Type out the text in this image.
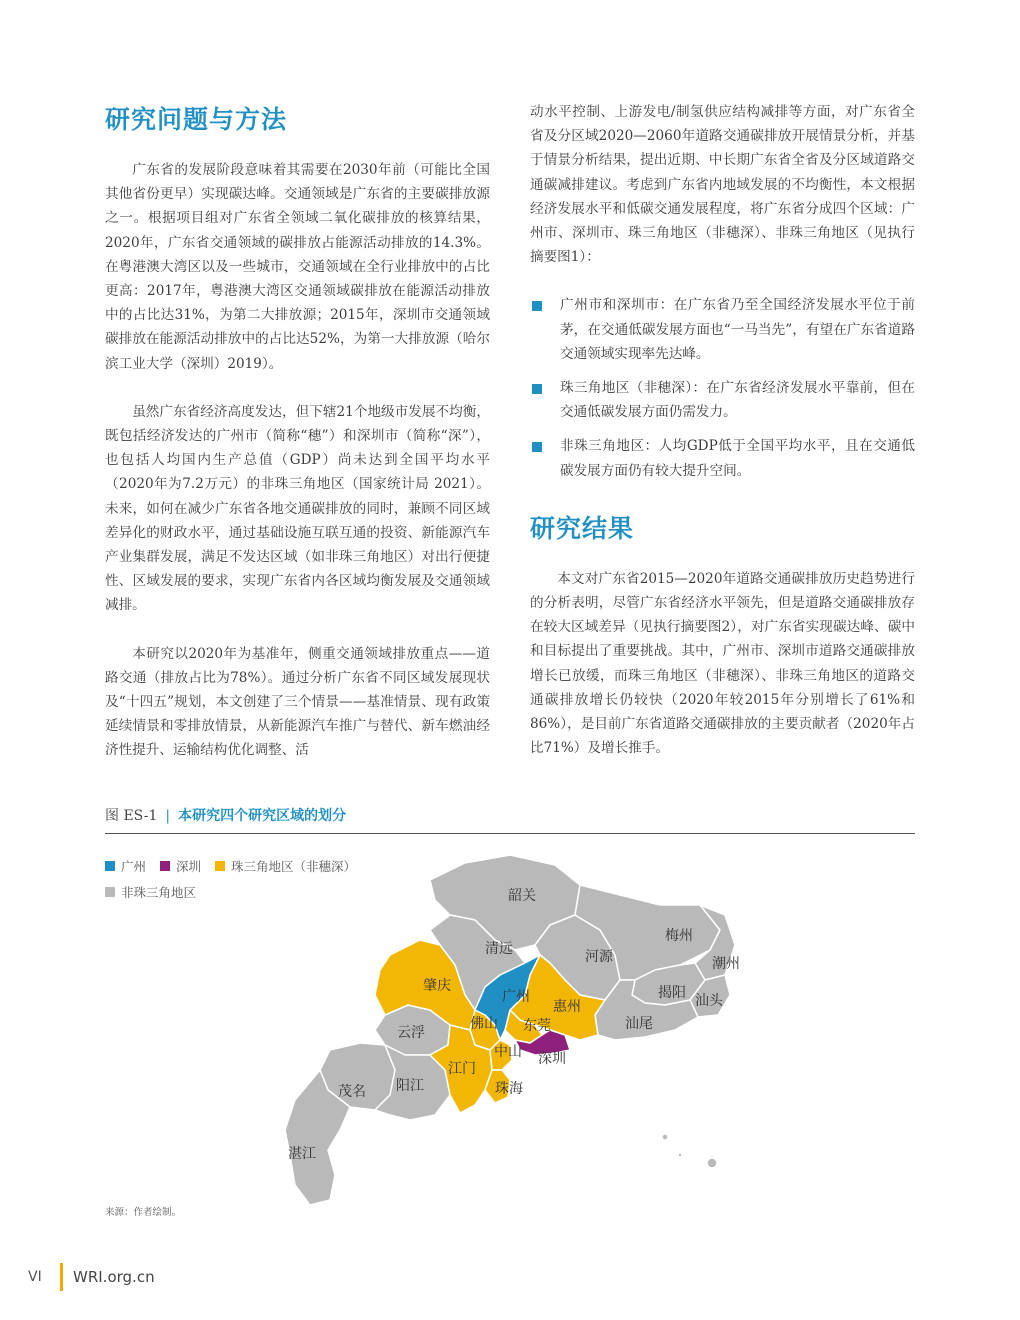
研究问题与方法

广东省的发展阶段意味着其需要在2030年前（可能比全国其他省份更早）实现碳达峰。交通领域是广东省的主要碳排放源之一。根据项目组对广东省全领域二氧化碳排放的核算结果，2020年，广东省交通领域的碳排放占能源活动排放的14.3%。在粤港澳大湾区以及一些城市，交通领域在全行业排放中的占比更高：2017年，粤港澳大湾区交通领域碳排放在能源活动排放中的占比达31%，为第二大排放源；2015年，深圳市交通领域碳排放在能源活动排放中的占比达52%，为第一大排放源（哈尔滨工业大学（深圳）2019）。

虽然广东省经济高度发达，但下辖21个地级市发展不均衡，既包括经济发达的广州市（简称“穗”）和深圳市（简称“深”），也包括人均国内生产总值（GDP）尚未达到全国平均水平（2020年为7.2万元）的非珠三角地区（国家统计局 2021）。未来，如何在减少广东省各地交通碳排放的同时，兼顾不同区域差异化的财政水平，通过基础设施互联互通的投资、新能源汽车产业集群发展，满足不发达区域（如非珠三角地区）对出行便捷性、区域发展的要求，实现广东省内各区域均衡发展及交通领域减排。

本研究以2020年为基准年，侧重交通领域排放重点——道路交通（排放占比为78%）。通过分析广东省不同区域发展现状及“十四五”规划，本文创建了三个情景——基准情景、现有政策延续情景和零排放情景，从新能源汽车推广与替代、新车燃油经济性提升、运输结构优化调整、活

动水平控制、上游发电/制氢供应结构减排等方面，对广东省全省及分区域2020—2060年道路交通碳排放开展情景分析，并基于情景分析结果，提出近期、中长期广东省全省及分区域道路交通碳减排建议。考虑到广东省内地域发展的不均衡性，本文根据经济发展水平和低碳交通发展程度，将广东省分成四个区域：广州市、深圳市、珠三角地区（非穗深）、非珠三角地区（见执行摘要图1）：

广州市和深圳市：在广东省乃至全国经济发展水平位于前茅，在交通低碳发展方面也“一马当先”，有望在广东省道路交通领域实现率先达峰。
珠三角地区（非穗深）：在广东省经济发展水平靠前，但在交通低碳发展方面仍需发力。
非珠三角地区：人均GDP低于全国平均水平，且在交通低碳发展方面仍有较大提升空间。
研究结果

本文对广东省2015—2020年道路交通碳排放历史趋势进行的分析表明，尽管广东省经济水平领先，但是道路交通碳排放存在较大区域差异（见执行摘要图2），对广东省实现碳达峰、碳中和目标提出了重要挑战。其中，广州市、深圳市道路交通碳排放增长已放缓，而珠三角地区（非穗深）、非珠三角地区的道路交通碳排放增长仍较快（2020年较2015年分别增长了61%和86%），是目前广东省道路交通碳排放的主要贡献者（2020年占比71%）及增长推手。

图 ES-1 | 本研究四个研究区域的划分
广州 深圳 珠三角地区（非穗深）
非珠三角地区	韶关
清远	河源
梅州
潮州
揭阳 汕头
汕尾
肇庆
广州
惠州
佛山 东莞
云浮
中山 深圳
江门
珠海
茂名 阳江
湛江
来源：作者绘制。
VI	WRI.org.cn
